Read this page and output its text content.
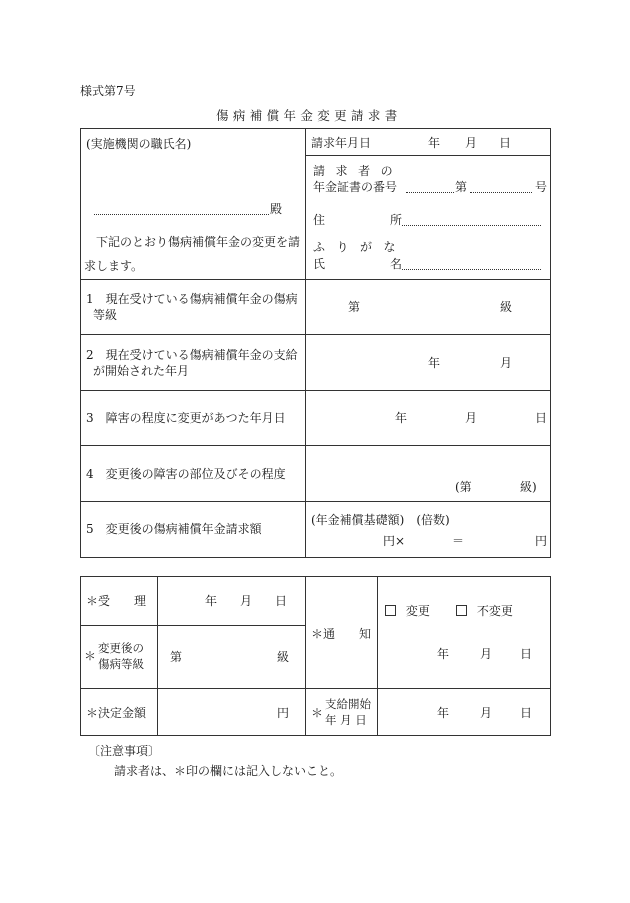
様式第7号
傷病補償年金変更請求書
(実施機関の職氏名)
殿
下記のとおり傷病補償年金の変更を請
求します。
請求年月日	年 月 日
請 求 者 の
年金証書の番号	第	号
住	所
ふ り が な
氏	名
1　現在受けている傷病補償年金の傷病
等級
第	級
2　現在受けている傷病補償年金の支給
が開始された年月
年	月
3　障害の程度に変更があつた年月日	年	月	日
4　変更後の障害の部位及びその程度
(第	級)
5　変更後の傷病補償年金請求額
(年金補償基礎額)　(倍数)
円×	＝	円
＊受　　理	年 月 日
＊
変更後の
傷病等級 第	級
＊決定金額	円
＊通　　知
変更	不変更
年	月 日
＊
支給開始
年 月 日	年	月 日
〔注意事項〕
請求者は、＊印の欄には記入しないこと。
